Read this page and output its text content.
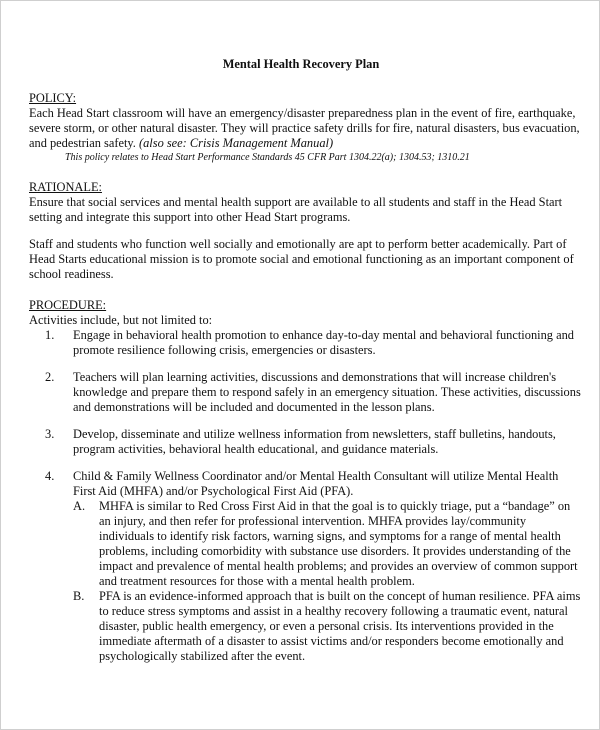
Mental Health Recovery Plan
POLICY:

Each Head Start classroom will have an emergency/disaster preparedness plan in the event of fire, earthquake, severe storm, or other natural disaster. They will practice safety drills for fire, natural disasters, bus evacuation, and pedestrian safety. (also see: Crisis Management Manual)

This policy relates to Head Start Performance Standards 45 CFR Part 1304.22(a); 1304.53; 1310.21
RATIONALE:

Ensure that social services and mental health support are available to all students and staff in the Head Start setting and integrate this support into other Head Start programs.

Staff and students who function well socially and emotionally are apt to perform better academically. Part of Head Starts educational mission is to promote social and emotional functioning as an important component of school readiness.

PROCEDURE:

Activities include, but not limited to:

1. Engage in behavioral health promotion to enhance day-to-day mental and behavioral functioning and promote resilience following crisis, emergencies or disasters.
2. Teachers will plan learning activities, discussions and demonstrations that will increase children's knowledge and prepare them to respond safely in an emergency situation. These activities, discussions and demonstrations will be included and documented in the lesson plans.
3. Develop, disseminate and utilize wellness information from newsletters, staff bulletins, handouts, program activities, behavioral health educational, and guidance materials.
4. Child & Family Wellness Coordinator and/or Mental Health Consultant will utilize Mental Health First Aid (MHFA) and/or Psychological First Aid (PFA).
A. MHFA is similar to Red Cross First Aid in that the goal is to quickly triage, put a “bandage” on an injury, and then refer for professional intervention. MHFA provides lay/community individuals to identify risk factors, warning signs, and symptoms for a range of mental health problems, including comorbidity with substance use disorders. It provides understanding of the impact and prevalence of mental health problems; and provides an overview of common support and treatment resources for those with a mental health problem.
B. PFA is an evidence-informed approach that is built on the concept of human resilience. PFA aims to reduce stress symptoms and assist in a healthy recovery following a traumatic event, natural disaster, public health emergency, or even a personal crisis. Its interventions provided in the immediate aftermath of a disaster to assist victims and/or responders become emotionally and psychologically stabilized after the event.
